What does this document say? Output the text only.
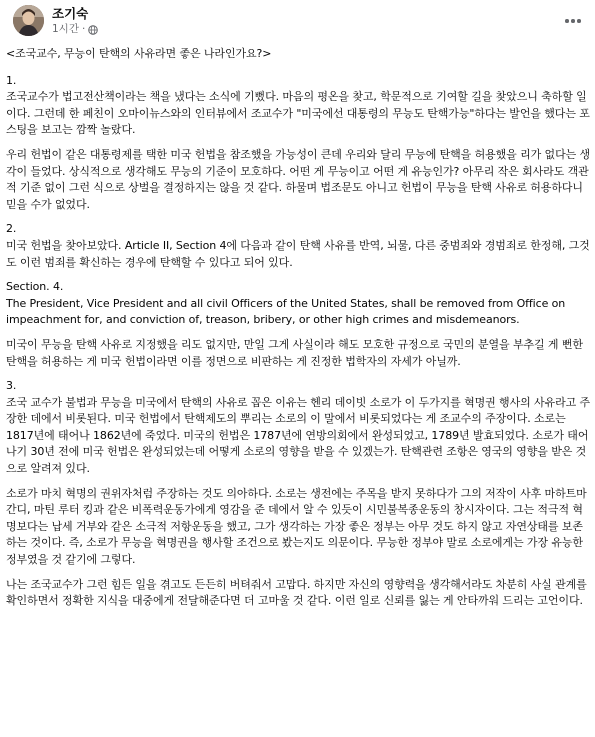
조기숙
1시간 ·

<조국교수, 무능이 탄핵의 사유라면 좋은 나라인가요?>

1.

조국교수가 법고전산책이라는 책을 냈다는 소식에 기뻤다. 마음의 평온을 찾고, 학문적으로 기여할 길을 찾았으니 축하할 일이다. 그런데 한 페친이 오마이뉴스와의 인터뷰에서 조교수가 "미국에선 대통령의 무능도 탄핵가능"하다는 발언을 했다는 포스팅을 보고는 깜짝 놀랐다.

우리 헌법이 같은 대통령제를 택한 미국 헌법을 참조했을 가능성이 큰데 우리와 달리 무능에 탄핵을 허용했을 리가 없다는 생각이 들었다. 상식적으로 생각해도 무능의 기준이 모호하다. 어떤 게 무능이고 어떤 게 유능인가? 아무리 작은 회사라도 객관적 기준 없이 그런 식으로 상벌을 결정하지는 않을 것 같다. 하물며 법조문도 아니고 헌법이 무능을 탄핵 사유로 허용하다니 믿을 수가 없었다.

2.

미국 헌법을 찾아보았다. Article II, Section 4에 다음과 같이 탄핵 사유를 반역, 뇌물, 다른 중범죄와 경범죄로 한정해, 그것도 이런 범죄를 확신하는 경우에 탄핵할 수 있다고 되어 있다.

Section. 4.

The President, Vice President and all civil Officers of the United States, shall be removed from Office on impeachment for, and conviction of, treason, bribery, or other high crimes and misdemeanors.

미국이 무능을 탄핵 사유로 지정했을 리도 없지만, 만일 그게 사실이라 해도 모호한 규정으로 국민의 분열을 부추길 게 뻔한 탄핵을 허용하는 게 미국 헌법이라면 이를 정면으로 비판하는 게 진정한 법학자의 자세가 아닐까.

3.

조국 교수가 불법과 무능을 미국에서 탄핵의 사유로 꼽은 이유는 헨리 데이빗 소로가 이 두가지를 혁명권 행사의 사유라고 주장한 데에서 비롯된다. 미국 헌법에서 탄핵제도의 뿌리는 소로의 이 말에서 비롯되었다는 게 조교수의 주장이다. 소로는 1817년에 태어나 1862년에 죽었다. 미국의 헌법은 1787년에 연방의회에서 완성되었고, 1789년 발효되었다. 소로가 태어나기 30년 전에 미국 헌법은 완성되었는데 어떻게 소로의 영향을 받을 수 있겠는가. 탄핵관련 조항은 영국의 영향을 받은 것으로 알려져 있다.

소로가 마치 혁명의 권위자처럼 주장하는 것도 의아하다. 소로는 생전에는 주목을 받지 못하다가 그의 저작이 사후 마하트마 간디, 마틴 루터 킹과 같은 비폭력운동가에게 영감을 준 데에서 알 수 있듯이 시민불복종운동의 창시자이다. 그는 적극적 혁명보다는 납세 거부와 같은 소극적 저항운동을 했고, 그가 생각하는 가장 좋은 정부는 아무 것도 하지 않고 자연상태를 보존하는 것이다. 즉, 소로가 무능을 혁명권을 행사할 조건으로 봤는지도 의문이다. 무능한 정부야 말로 소로에게는 가장 유능한 정부였을 것 같기에 그렇다.

나는 조국교수가 그런 힘든 일을 겪고도 든든히 버텨줘서 고맙다. 하지만 자신의 영향력을 생각해서라도 차분히 사실 관계를 확인하면서 정확한 지식을 대중에게 전달해준다면 더 고마울 것 같다. 이런 일로 신뢰를 잃는 게 안타까워 드리는 고언이다.
